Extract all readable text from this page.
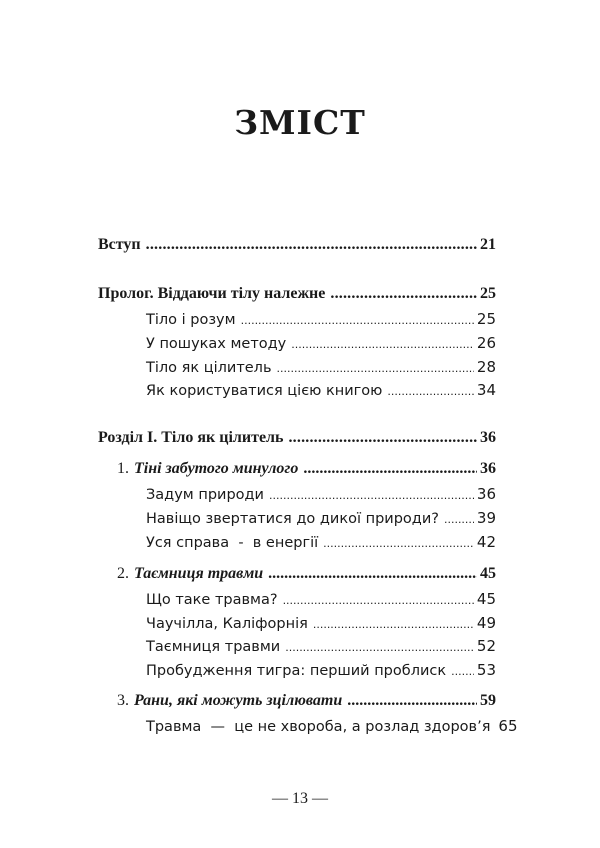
ЗМІСТ
Вступ .....	21
Пролог. Віддаючи тілу належне .....	25
Тіло і розум .....	25
У пошуках методу .....	26
Тіло як цілитель .....	28
Як користуватися цією книгою .....	34
Розділ І. Тіло як цілитель .....	36
1. Тіні забутого минулого .....	36
Задум природи .....	36
Навіщо звертатися до дикої природи? .....	39
Уся справа  -  в енергії .....	42
2. Таємниця травми .....	45
Що таке травма? .....	45
Чаучілла, Каліфорнія .....	49
Таємниця травми .....	52
Пробудження тигра: перший проблиск ..... 53
3. Рани, які можуть зцілювати .....	59
Травма  —  це не хвороба, а розлад здоров’я 65
— 13 —
